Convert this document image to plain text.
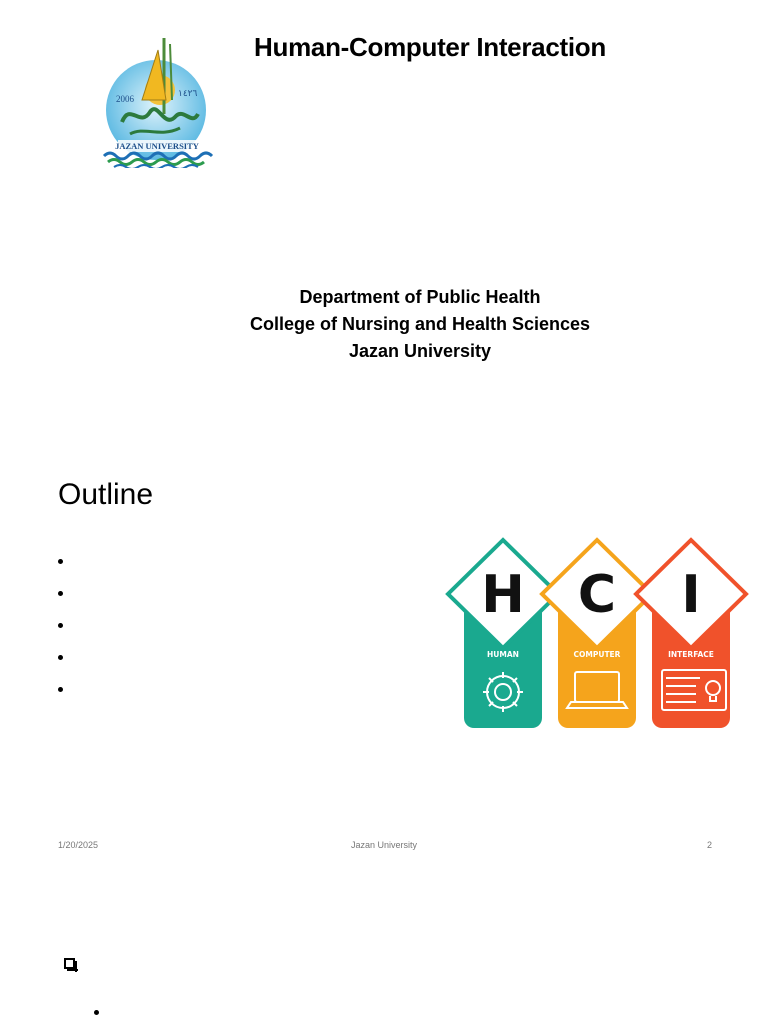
2006	١٤٢٦
JAZAN UNIVERSITY
Human-Computer Interaction
Department of Public Health
College of Nursing and Health Sciences
Jazan University
Outline
H
HUMAN
C
COMPUTER
I
INTERFACE
1/20/2025	Jazan University	2
